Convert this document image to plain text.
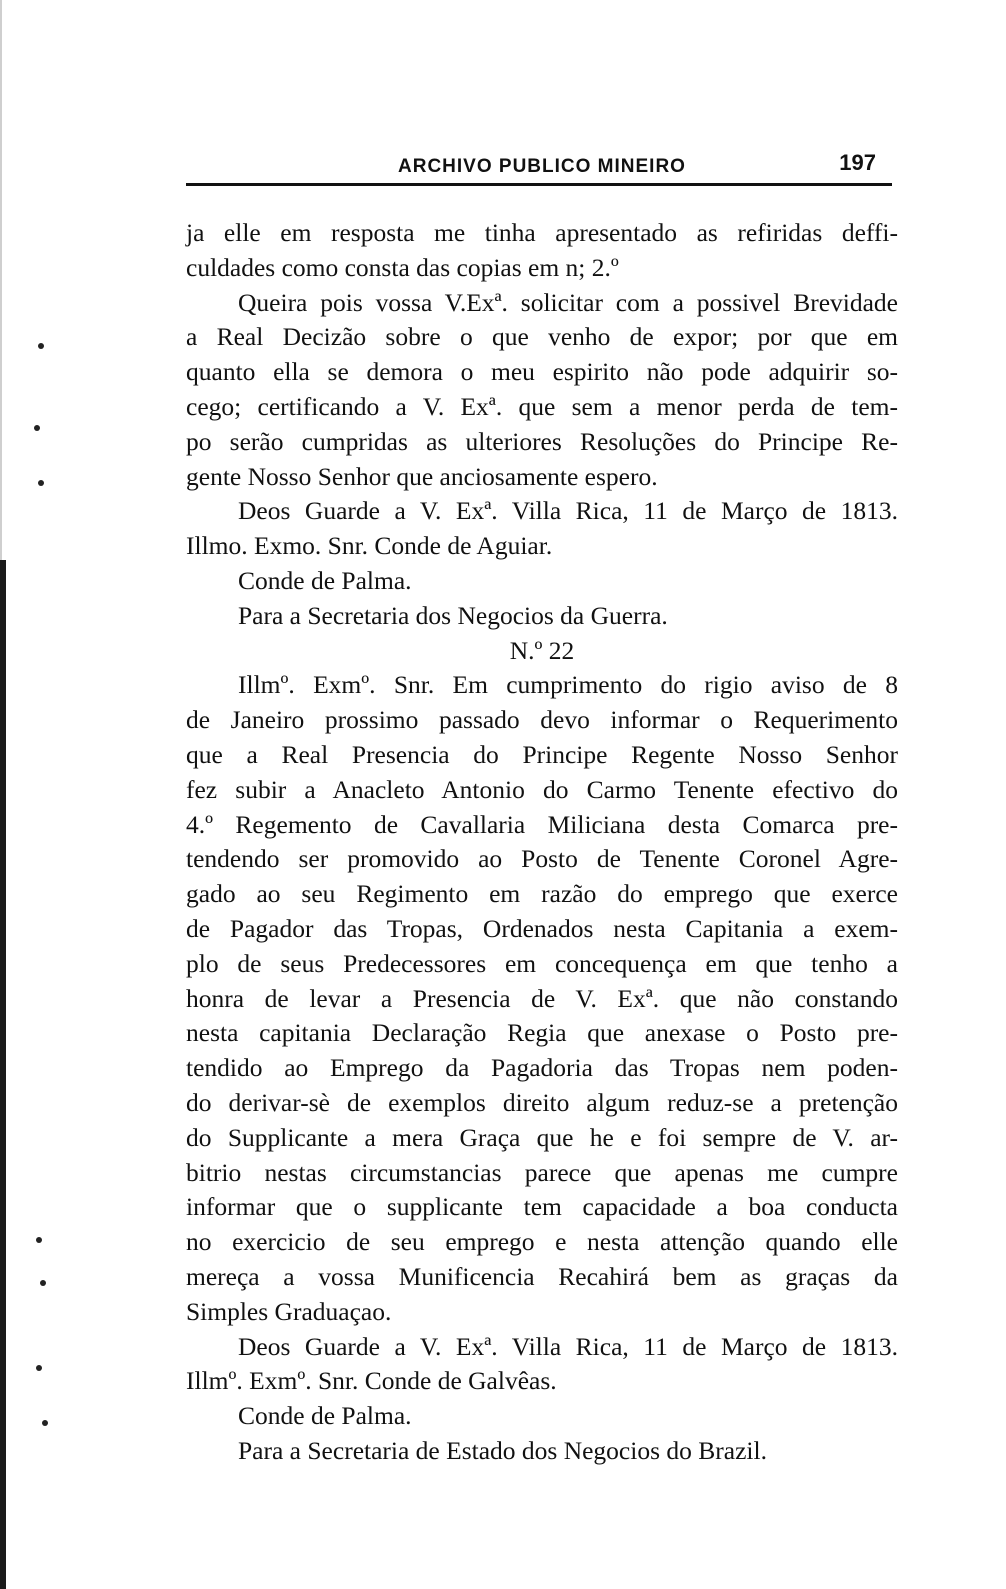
ARCHIVO PUBLICO MINEIRO	197
ja elle em resposta me tinha apresentado as refiridas deffi-
culdades como consta das copias em n; 2.º
Queira pois vossa V.Exª. solicitar com a possivel Brevidade
a Real Decizão sobre o que venho de expor; por que em
quanto ella se demora o meu espirito não pode adquirir so-
cego; certificando a V. Exª. que sem a menor perda de tem-
po serão cumpridas as ulteriores Resoluções do Principe Re-
gente Nosso Senhor que anciosamente espero.
Deos Guarde a V. Exª. Villa Rica, 11 de Março de 1813.
Illmo. Exmo. Snr. Conde de Aguiar.
Conde de Palma.
Para a Secretaria dos Negocios da Guerra.
N.º 22
Illmº. Exmº. Snr. Em cumprimento do rigio aviso de 8
de Janeiro prossimo passado devo informar o Requerimento
que a Real Presencia do Principe Regente Nosso Senhor
fez subir a Anacleto Antonio do Carmo Tenente efectivo do
4.º Regemento de Cavallaria Miliciana desta Comarca pre-
tendendo ser promovido ao Posto de Tenente Coronel Agre-
gado ao seu Regimento em razão do emprego que exerce
de Pagador das Tropas, Ordenados nesta Capitania a exem-
plo de seus Predecessores em concequença em que tenho a
honra de levar a Presencia de V. Exª. que não constando
nesta capitania Declaração Regia que anexase o Posto pre-
tendido ao Emprego da Pagadoria das Tropas nem poden-
do derivar-sè de exemplos direito algum reduz-se a pretenção
do Supplicante a mera Graça que he e foi sempre de V. ar-
bitrio nestas circumstancias parece que apenas me cumpre
informar que o supplicante tem capacidade a boa conducta
no exercicio de seu emprego e nesta attenção quando elle
mereça a vossa Munificencia Recahirá bem as graças da
Simples Graduaçao.
Deos Guarde a V. Exª. Villa Rica, 11 de Março de 1813.
Illmº. Exmº. Snr. Conde de Galvêas.
Conde de Palma.
Para a Secretaria de Estado dos Negocios do Brazil.
